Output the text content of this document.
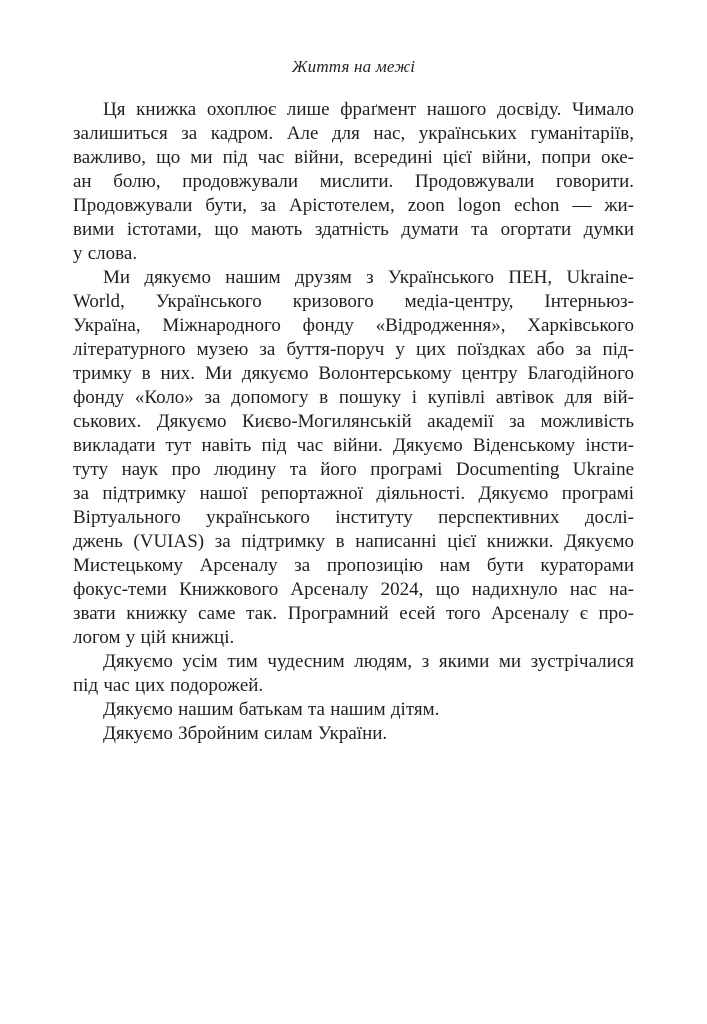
Життя на межі
Ця книжка охоплює лише фраґмент нашого досвіду. Чимало
залишиться за кадром. Але для нас, українських гуманітаріїв,
важливо, що ми під час війни, всередині цієї війни, попри оке-
ан болю, продовжували мислити. Продовжували говорити.
Продовжували бути, за Арістотелем, zoon logon echon — жи-
вими істотами, що мають здатність думати та огортати думки
у слова.
Ми дякуємо нашим друзям з Українського ПЕН, Ukraine-
World, Українського кризового медіа-центру, Інтерньюз-
Україна, Міжнародного фонду «Відродження», Харківського
літературного музею за буття-поруч у цих поїздках або за під-
тримку в них. Ми дякуємо Волонтерському центру Благодійного
фонду «Коло» за допомогу в пошуку і купівлі автівок для вій-
ськових. Дякуємо Києво-Могилянській академії за можливість
викладати тут навіть під час війни. Дякуємо Віденському інсти-
туту наук про людину та його програмі Documenting Ukraine
за підтримку нашої репортажної діяльності. Дякуємо програмі
Віртуального українського інституту перспективних дослі-
джень (VUIAS) за підтримку в написанні цієї книжки. Дякуємо
Мистецькому Арсеналу за пропозицію нам бути кураторами
фокус-теми Книжкового Арсеналу 2024, що надихнуло нас на-
звати книжку саме так. Програмний есей того Арсеналу є про-
логом у цій книжці.
Дякуємо усім тим чудесним людям, з якими ми зустрічалися
під час цих подорожей.
Дякуємо нашим батькам та нашим дітям.
Дякуємо Збройним силам України.
